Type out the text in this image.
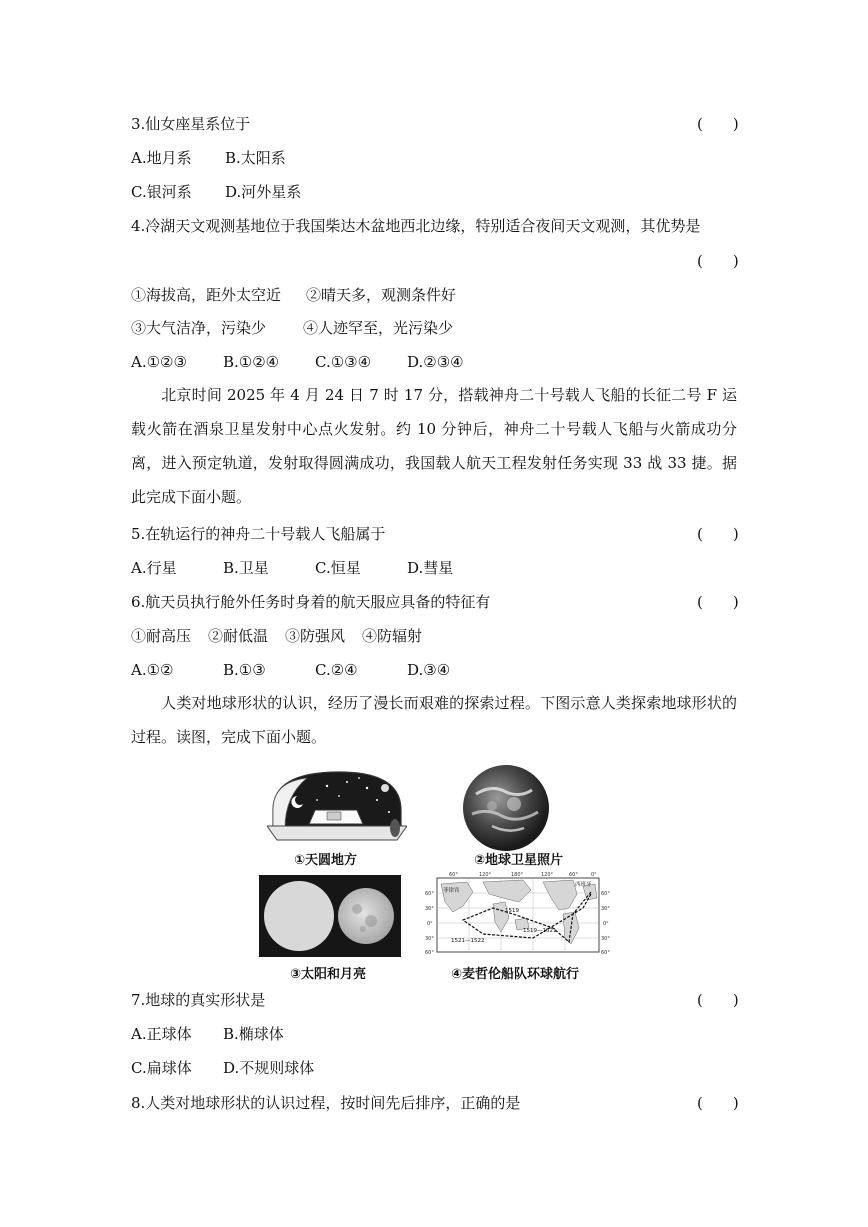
3.仙女座星系位于	(　　)
A.地月系 B.太阳系
C.银河系 D.河外星系
4.冷湖天文观测基地位于我国柴达木盆地西北边缘，特别适合夜间天文观测，其优势是
(　　)
①海拔高，距外太空近 ②晴天多，观测条件好
③大气洁净，污染少 ④人迹罕至，光污染少
A.①②③ B.①②④ C.①③④ D.②③④
北京时间 2025 年 4 月 24 日 7 时 17 分，搭载神舟二十号载人飞船的长征二号 F 运载火箭在酒泉卫星发射中心点火发射。约 10 分钟后，神舟二十号载人飞船与火箭成功分离，进入预定轨道，发射取得圆满成功，我国载人航天工程发射任务实现 33 战 33 捷。据此完成下面小题。
5.在轨运行的神舟二十号载人飞船属于	(　　)
A.行星	B.卫星	C.恒星	D.彗星
6.航天员执行舱外任务时身着的航天服应具备的特征有	(　　)
①耐高压 ②耐低温 ③防强风 ④防辐射
A.①②	B.①③	C.②④	D.③④
人类对地球形状的认识，经历了漫长而艰难的探索过程。下图示意人类探索地球形状的过程。读图，完成下面小题。
①天圆地方	②地球卫星照片
③太阳和月亮
西班牙
菲律宾
1519
1521—1522
1519—1521
60°	120°	180°	120°	60°	0°
60°
30°
0°
30°
60°
60°
30°
0°
30°
60°
④麦哲伦船队环球航行
7.地球的真实形状是	(　　)
A.正球体 B.椭球体
C.扁球体 D.不规则球体
8.人类对地球形状的认识过程，按时间先后排序，正确的是	(　　)
